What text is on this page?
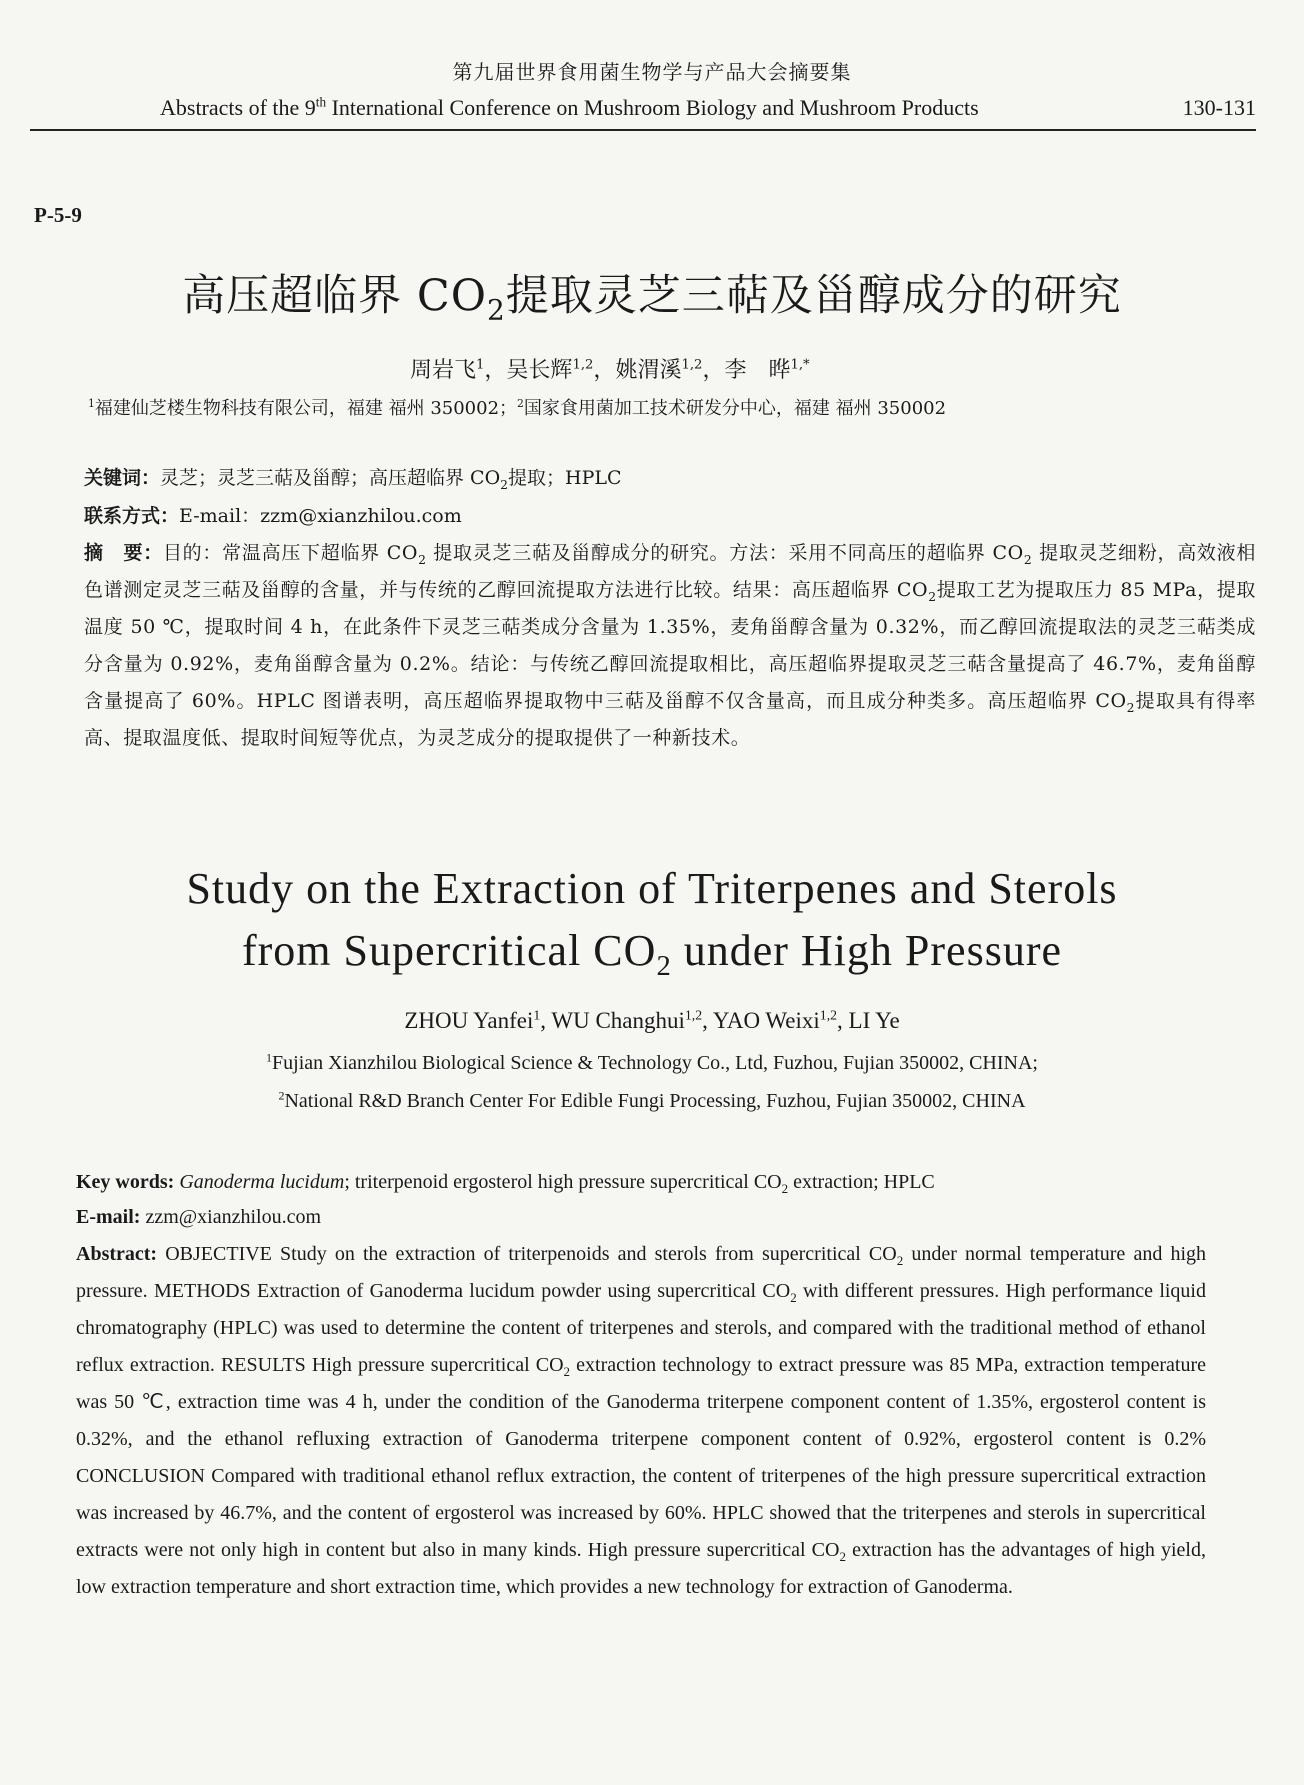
第九届世界食用菌生物学与产品大会摘要集
Abstracts of the 9th International Conference on Mushroom Biology and Mushroom Products	130-131
P-5-9
高压超临界 $CO_2$提取灵芝三萜及甾醇成分的研究
周岩飞$^1$，吴长辉$^{1,2}$，姚渭溪$^{1,2}$，李　晔$^{1,*}$
$^1$福建仙芝楼生物科技有限公司，福建 福州 350002；$^2$国家食用菌加工技术研发分中心，福建 福州 350002
关键词：灵芝；灵芝三萜及甾醇；高压超临界 $CO_2$提取；HPLC
联系方式：E-mail：zzm@xianzhilou.com
摘　要：目的：常温高压下超临界 $CO_2$ 提取灵芝三萜及甾醇成分的研究。方法：采用不同高压的超临界 $CO_2$ 提取灵芝细粉，高效液相色谱测定灵芝三萜及甾醇的含量，并与传统的乙醇回流提取方法进行比较。结果：高压超临界 $CO_2$提取工艺为提取压力 85 MPa，提取温度 50 ℃，提取时间 4 h，在此条件下灵芝三萜类成分含量为 1.35%，麦角甾醇含量为 0.32%，而乙醇回流提取法的灵芝三萜类成分含量为 0.92%，麦角甾醇含量为 0.2%。结论：与传统乙醇回流提取相比，高压超临界提取灵芝三萜含量提高了 46.7%，麦角甾醇含量提高了 60%。HPLC 图谱表明，高压超临界提取物中三萜及甾醇不仅含量高，而且成分种类多。高压超临界 $CO_2$提取具有得率高、提取温度低、提取时间短等优点，为灵芝成分的提取提供了一种新技术。
Study on the Extraction of Triterpenes and Sterols
from Supercritical $CO_2$ under High Pressure
ZHOU Yanfei$^1$, WU Changhui$^{1,2}$, YAO Weixi$^{1,2}$, LI Ye
$^1$Fujian Xianzhilou Biological Science & Technology Co., Ltd, Fuzhou, Fujian 350002, CHINA;
$^2$National R&D Branch Center For Edible Fungi Processing, Fuzhou, Fujian 350002, CHINA
Key words: Ganoderma lucidum; triterpenoid ergosterol high pressure supercritical $CO_2$ extraction; HPLC
E-mail: zzm@xianzhilou.com
Abstract: OBJECTIVE Study on the extraction of triterpenoids and sterols from supercritical $CO_2$ under normal temperature and high pressure. METHODS Extraction of Ganoderma lucidum powder using supercritical $CO_2$ with different pressures. High performance liquid chromatography (HPLC) was used to determine the content of triterpenes and sterols, and compared with the traditional method of ethanol reflux extraction. RESULTS High pressure supercritical $CO_2$ extraction technology to extract pressure was 85 MPa, extraction temperature was 50 ℃, extraction time was 4 h, under the condition of the Ganoderma triterpene component content of 1.35%, ergosterol content is 0.32%, and the ethanol refluxing extraction of Ganoderma triterpene component content of 0.92%, ergosterol content is 0.2% CONCLUSION Compared with traditional ethanol reflux extraction, the content of triterpenes of the high pressure supercritical extraction was increased by 46.7%, and the content of ergosterol was increased by 60%. HPLC showed that the triterpenes and sterols in supercritical extracts were not only high in content but also in many kinds. High pressure supercritical $CO_2$ extraction has the advantages of high yield, low extraction temperature and short extraction time, which provides a new technology for extraction of Ganoderma.
